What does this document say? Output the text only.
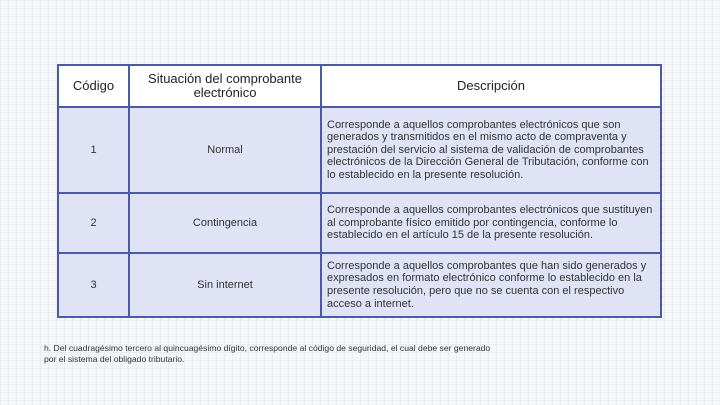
Código	Situación del comprobante electrónico	Descripción
1	Normal	Corresponde a aquellos comprobantes electrónicos que son generados y transmitidos en el mismo acto de compraventa y prestación del servicio al sistema de validación de comprobantes electrónicos de la Dirección General de Tributación, conforme con lo establecido en la presente resolución.
2	Contingencia	Corresponde a aquellos comprobantes electrónicos que sustituyen al comprobante físico emitido por contingencia, conforme lo establecido en el artículo 15 de la presente resolución.
3	Sin internet	Corresponde a aquellos comprobantes que han sido generados y expresados en formato electrónico conforme lo establecido en la presente resolución, pero que no se cuenta con el respectivo acceso a internet.
h. Del cuadragésimo tercero al quincuagésimo dígito, corresponde al código de seguridad, el cual debe ser generado por el sistema del obligado tributario.
